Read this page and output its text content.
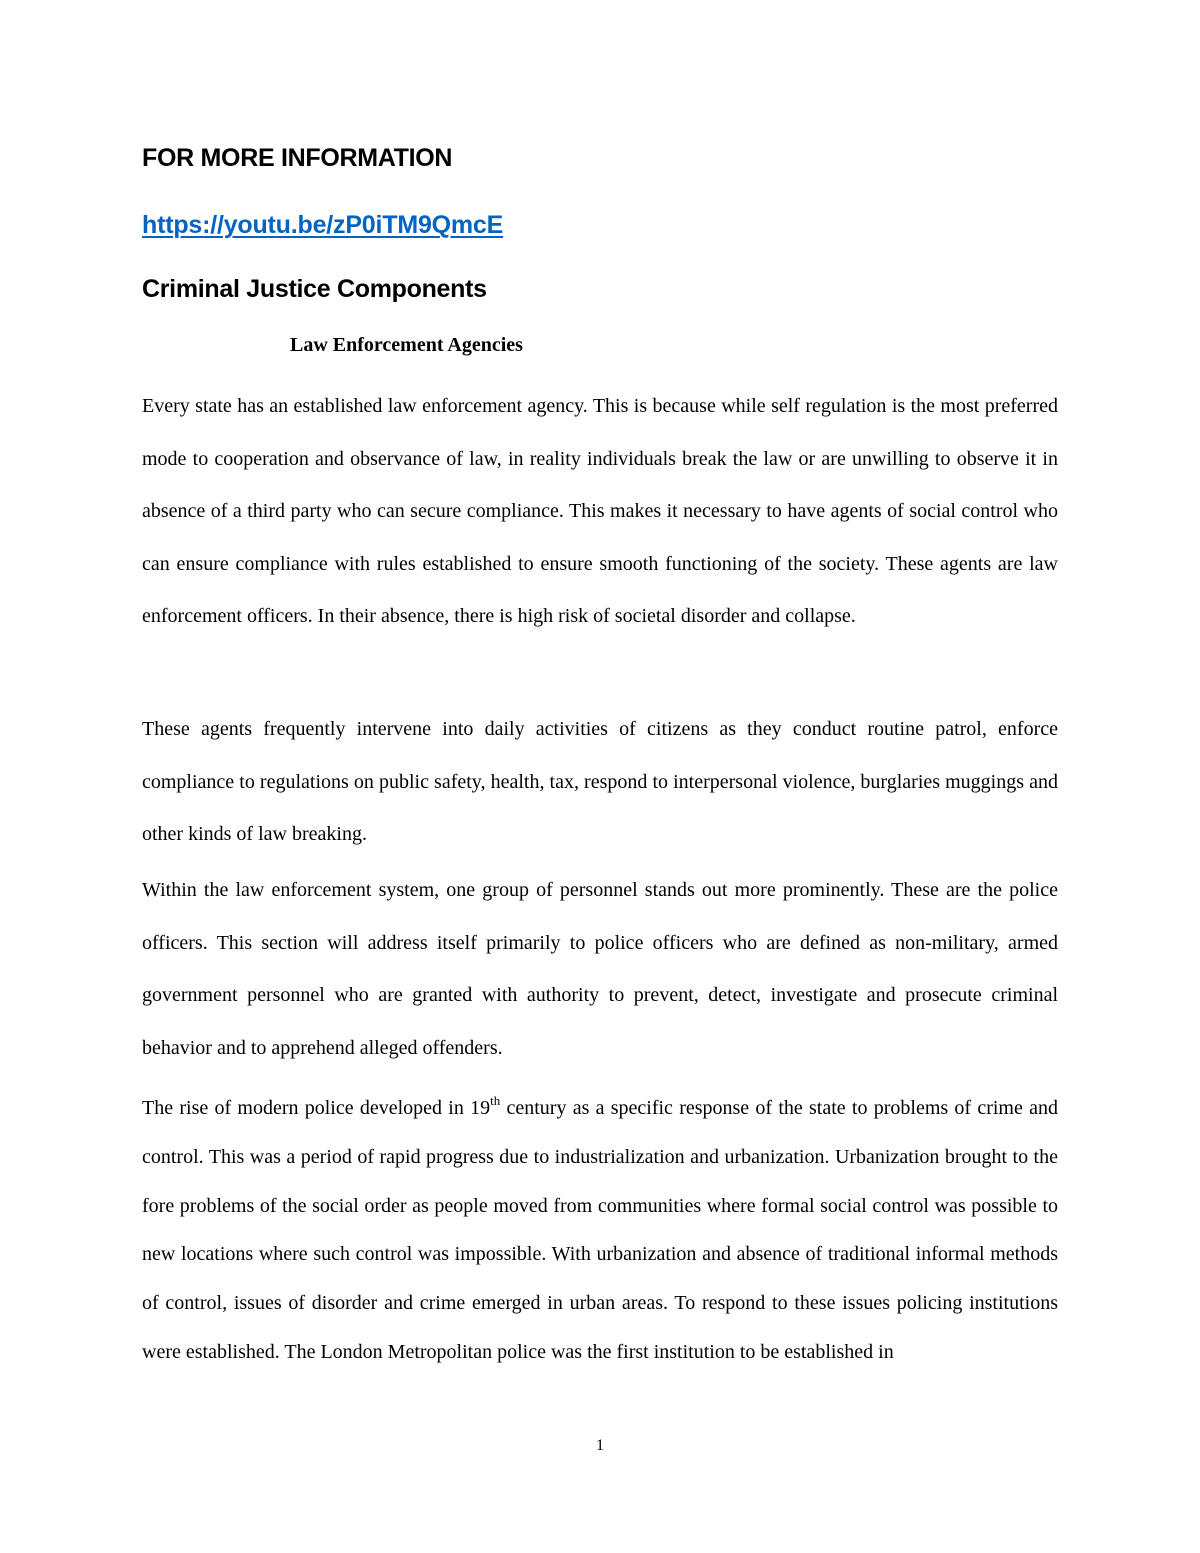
FOR MORE INFORMATION

https://youtu.be/zP0iTM9QmcE
Criminal Justice Components
Law Enforcement Agencies

Every state has an established law enforcement agency. This is because while self regulation is the most preferred mode to cooperation and observance of law, in reality individuals break the law or are unwilling to observe it in absence of a third party who can secure compliance. This makes it necessary to have agents of social control who can ensure compliance with rules established to ensure smooth functioning of the society. These agents are law enforcement officers. In their absence, there is high risk of societal disorder and collapse.

These agents frequently intervene into daily activities of citizens as they conduct routine patrol, enforce compliance to regulations on public safety, health, tax, respond to interpersonal violence, burglaries muggings and other kinds of law breaking.

Within the law enforcement system, one group of personnel stands out more prominently. These are the police officers. This section will address itself primarily to police officers who are defined as non-military, armed government personnel who are granted with authority to prevent, detect, investigate and prosecute criminal behavior and to apprehend alleged offenders.

The rise of modern police developed in 19th century as a specific response of the state to problems of crime and control. This was a period of rapid progress due to industrialization and urbanization. Urbanization brought to the fore problems of the social order as people moved from communities where formal social control was possible to new locations where such control was impossible. With urbanization and absence of traditional informal methods of control, issues of disorder and crime emerged in urban areas. To respond to these issues policing institutions were established. The London Metropolitan police was the first institution to be established in

1
